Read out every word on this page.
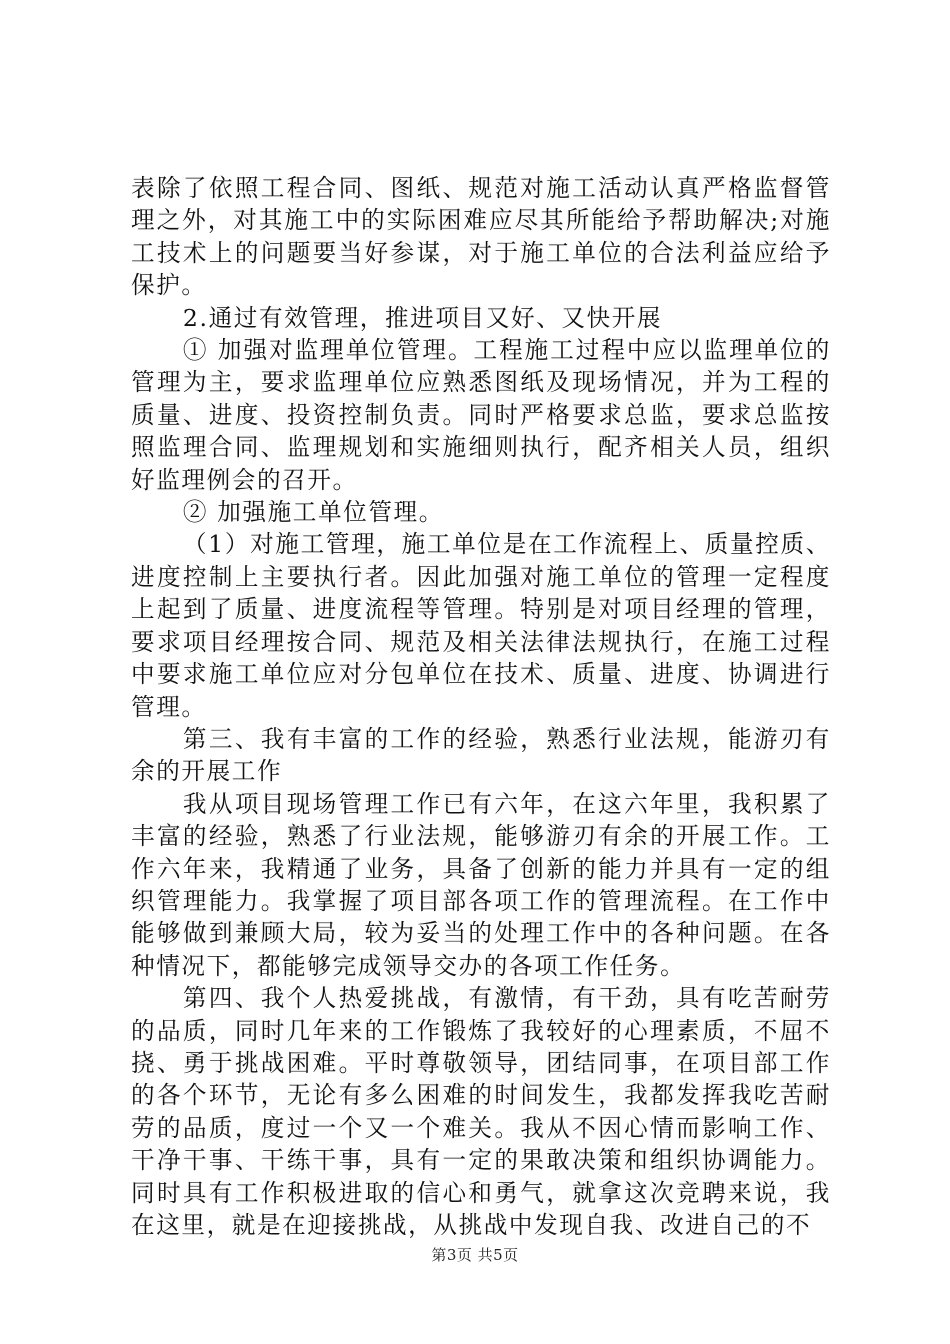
表除了依照工程合同、图纸、规范对施工活动认真严格监督管理之外，对其施工中的实际困难应尽其所能给予帮助解决;对施工技术上的问题要当好参谋，对于施工单位的合法利益应给予保护。

2.通过有效管理，推进项目又好、又快开展

① 加强对监理单位管理。工程施工过程中应以监理单位的管理为主，要求监理单位应熟悉图纸及现场情况，并为工程的质量、进度、投资控制负责。同时严格要求总监，要求总监按照监理合同、监理规划和实施细则执行，配齐相关人员，组织好监理例会的召开。

② 加强施工单位管理。

（1）对施工管理，施工单位是在工作流程上、质量控质、进度控制上主要执行者。因此加强对施工单位的管理一定程度上起到了质量、进度流程等管理。特别是对项目经理的管理，要求项目经理按合同、规范及相关法律法规执行，在施工过程中要求施工单位应对分包单位在技术、质量、进度、协调进行管理。

第三、我有丰富的工作的经验，熟悉行业法规，能游刃有余的开展工作

我从项目现场管理工作已有六年，在这六年里，我积累了丰富的经验，熟悉了行业法规，能够游刃有余的开展工作。工作六年来，我精通了业务，具备了创新的能力并具有一定的组织管理能力。我掌握了项目部各项工作的管理流程。在工作中能够做到兼顾大局，较为妥当的处理工作中的各种问题。在各种情况下，都能够完成领导交办的各项工作任务。

第四、我个人热爱挑战，有激情，有干劲，具有吃苦耐劳的品质，同时几年来的工作锻炼了我较好的心理素质，不屈不挠、勇于挑战困难。平时尊敬领导，团结同事，在项目部工作的各个环节，无论有多么困难的时间发生，我都发挥我吃苦耐劳的品质，度过一个又一个难关。我从不因心情而影响工作、干净干事、干练干事，具有一定的果敢决策和组织协调能力。同时具有工作积极进取的信心和勇气，就拿这次竞聘来说，我在这里，就是在迎接挑战，从挑战中发现自我、改进自己的不

第3页 共5页
